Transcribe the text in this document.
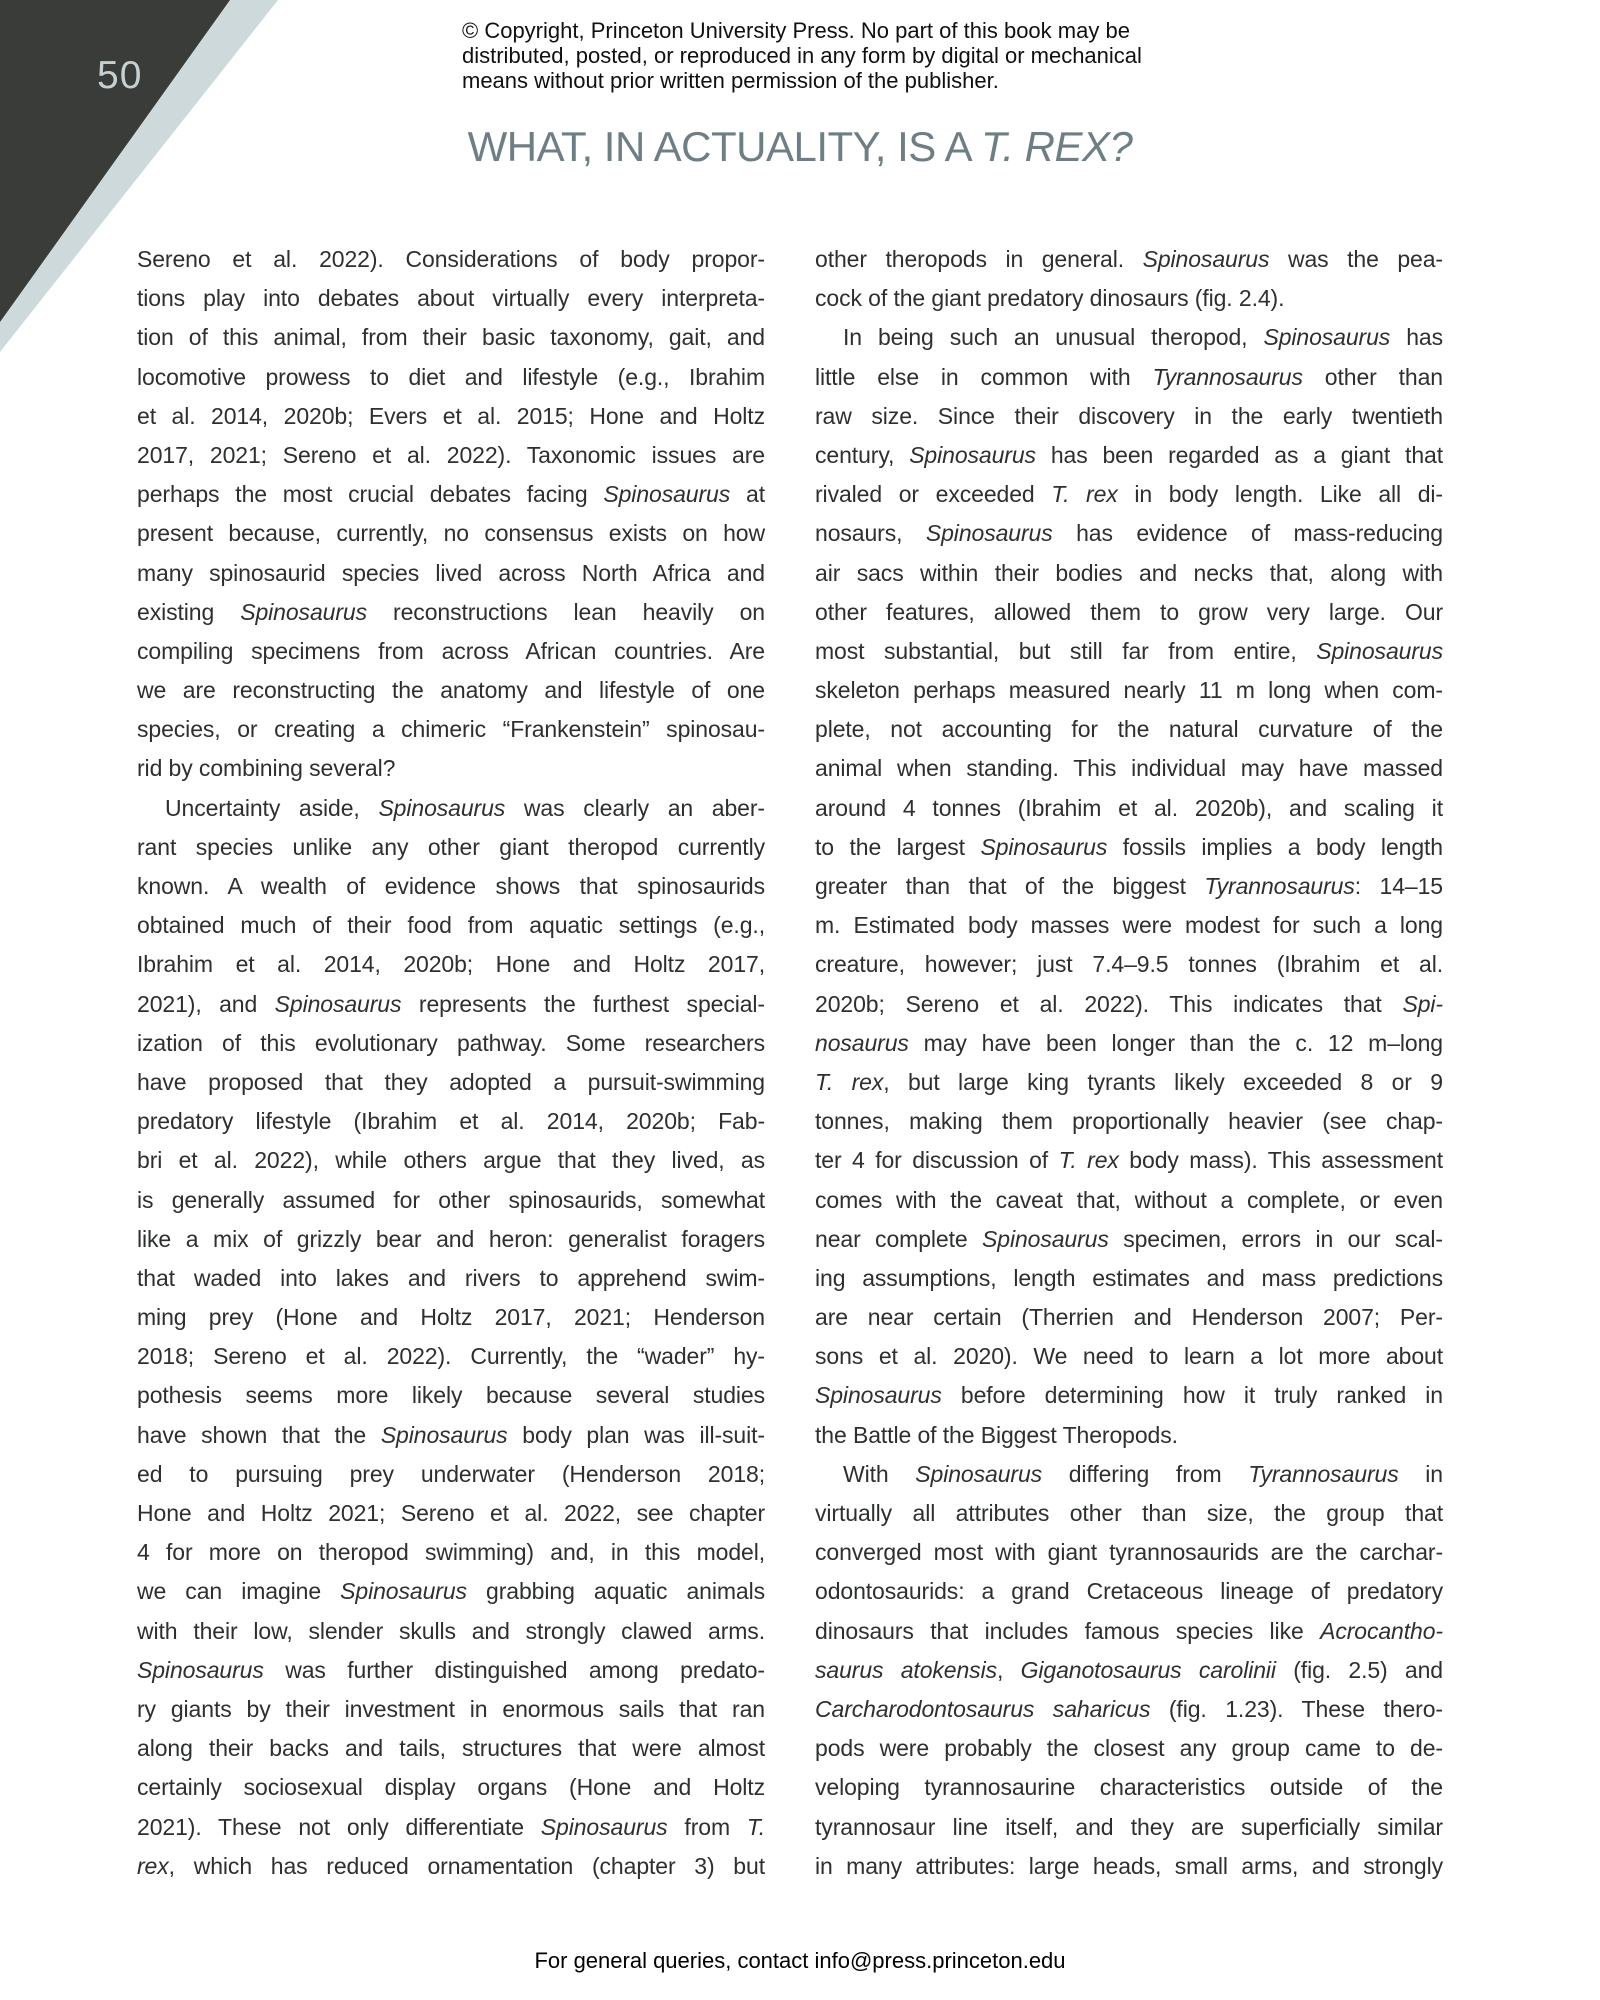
50
© Copyright, Princeton University Press. No part of this book may be
distributed, posted, or reproduced in any form by digital or mechanical
means without prior written permission of the publisher.
WHAT, IN ACTUALITY, IS A T. REX?
Sereno et al. 2022). Considerations of body propor-
tions play into debates about virtually every interpreta-
tion of this animal, from their basic taxonomy, gait, and
locomotive prowess to diet and lifestyle (e.g., Ibrahim
et al. 2014, 2020b; Evers et al. 2015; Hone and Holtz
2017, 2021; Sereno et al. 2022). Taxonomic issues are
perhaps the most crucial debates facing Spinosaurus at
present because, currently, no consensus exists on how
many spinosaurid species lived across North Africa and
existing Spinosaurus reconstructions lean heavily on
compiling specimens from across African countries. Are
we are reconstructing the anatomy and lifestyle of one
species, or creating a chimeric “Frankenstein” spinosau-
rid by combining several?
Uncertainty aside, Spinosaurus was clearly an aber-
rant species unlike any other giant theropod currently
known. A wealth of evidence shows that spinosaurids
obtained much of their food from aquatic settings (e.g.,
Ibrahim et al. 2014, 2020b; Hone and Holtz 2017,
2021), and Spinosaurus represents the furthest special-
ization of this evolutionary pathway. Some researchers
have proposed that they adopted a pursuit-swimming
predatory lifestyle (Ibrahim et al. 2014, 2020b; Fab-
bri et al. 2022), while others argue that they lived, as
is generally assumed for other spinosaurids, somewhat
like a mix of grizzly bear and heron: generalist foragers
that waded into lakes and rivers to apprehend swim-
ming prey (Hone and Holtz 2017, 2021; Henderson
2018; Sereno et al. 2022). Currently, the “wader” hy-
pothesis seems more likely because several studies
have shown that the Spinosaurus body plan was ill-suit-
ed to pursuing prey underwater (Henderson 2018;
Hone and Holtz 2021; Sereno et al. 2022, see chapter
4 for more on theropod swimming) and, in this model,
we can imagine Spinosaurus grabbing aquatic animals
with their low, slender skulls and strongly clawed arms.
Spinosaurus was further distinguished among predato-
ry giants by their investment in enormous sails that ran
along their backs and tails, structures that were almost
certainly sociosexual display organs (Hone and Holtz
2021). These not only differentiate Spinosaurus from T.
rex, which has reduced ornamentation (chapter 3) but
other theropods in general. Spinosaurus was the pea-
cock of the giant predatory dinosaurs (fig. 2.4).
In being such an unusual theropod, Spinosaurus has
little else in common with Tyrannosaurus other than
raw size. Since their discovery in the early twentieth
century, Spinosaurus has been regarded as a giant that
rivaled or exceeded T. rex in body length. Like all di-
nosaurs, Spinosaurus has evidence of mass-reducing
air sacs within their bodies and necks that, along with
other features, allowed them to grow very large. Our
most substantial, but still far from entire, Spinosaurus
skeleton perhaps measured nearly 11 m long when com-
plete, not accounting for the natural curvature of the
animal when standing. This individual may have massed
around 4 tonnes (Ibrahim et al. 2020b), and scaling it
to the largest Spinosaurus fossils implies a body length
greater than that of the biggest Tyrannosaurus: 14–15
m. Estimated body masses were modest for such a long
creature, however; just 7.4–9.5 tonnes (Ibrahim et al.
2020b; Sereno et al. 2022). This indicates that Spi-
nosaurus may have been longer than the c. 12 m–long
T. rex, but large king tyrants likely exceeded 8 or 9
tonnes, making them proportionally heavier (see chap-
ter 4 for discussion of T. rex body mass). This assessment
comes with the caveat that, without a complete, or even
near complete Spinosaurus specimen, errors in our scal-
ing assumptions, length estimates and mass predictions
are near certain (Therrien and Henderson 2007; Per-
sons et al. 2020). We need to learn a lot more about
Spinosaurus before determining how it truly ranked in
the Battle of the Biggest Theropods.
With Spinosaurus differing from Tyrannosaurus in
virtually all attributes other than size, the group that
converged most with giant tyrannosaurids are the carchar-
odontosaurids: a grand Cretaceous lineage of predatory
dinosaurs that includes famous species like Acrocantho-
saurus atokensis, Giganotosaurus carolinii (fig. 2.5) and
Carcharodontosaurus saharicus (fig. 1.23). These thero-
pods were probably the closest any group came to de-
veloping tyrannosaurine characteristics outside of the
tyrannosaur line itself, and they are superficially similar
in many attributes: large heads, small arms, and strongly
For general queries, contact info@press.princeton.edu
